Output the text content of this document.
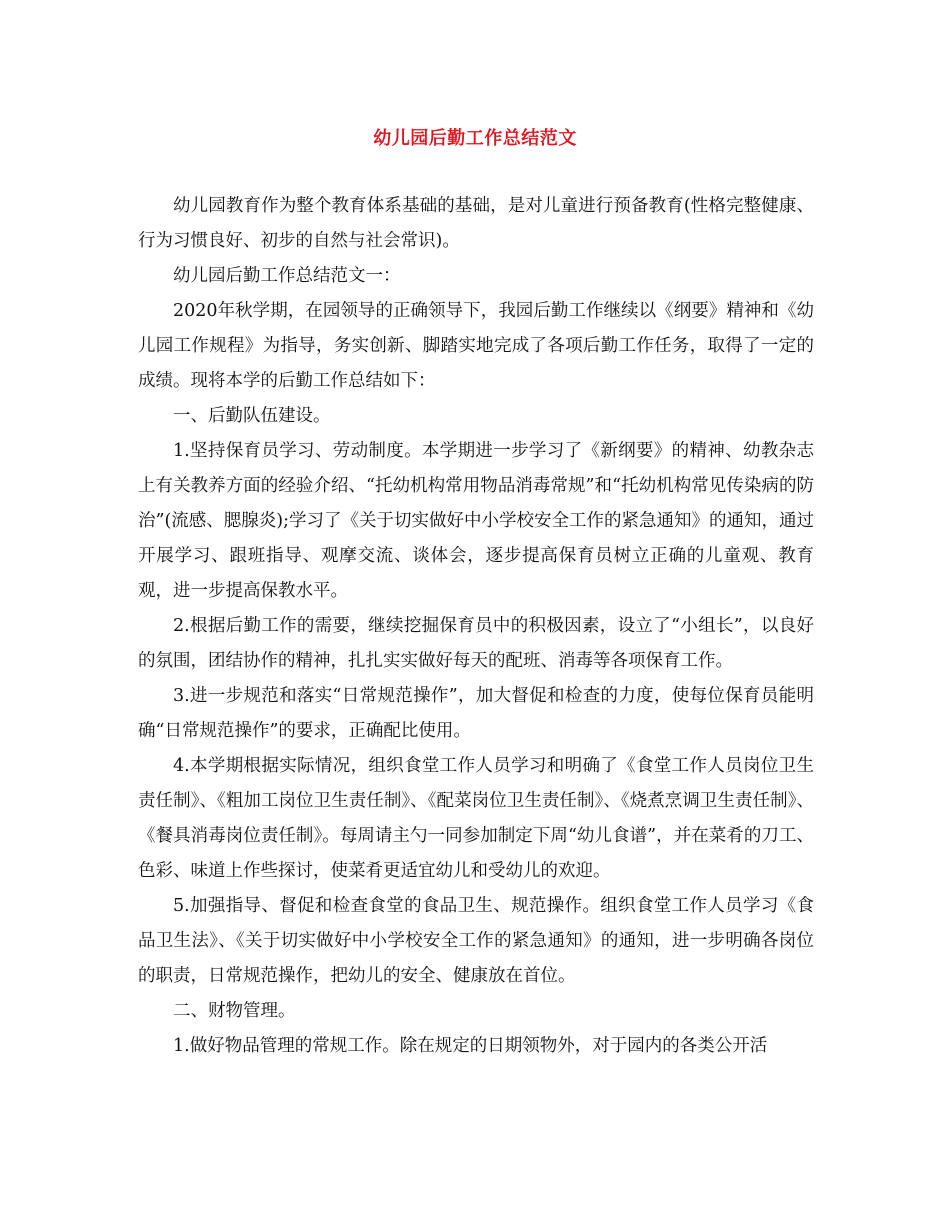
幼儿园后勤工作总结范文

幼儿园教育作为整个教育体系基础的基础，是对儿童进行预备教育(性格完整健康、行为习惯良好、初步的自然与社会常识)。

幼儿园后勤工作总结范文一：

2020年秋学期，在园领导的正确领导下，我园后勤工作继续以《纲要》精神和《幼儿园工作规程》为指导，务实创新、脚踏实地完成了各项后勤工作任务，取得了一定的成绩。现将本学的后勤工作总结如下：

一、后勤队伍建设。

1.坚持保育员学习、劳动制度。本学期进一步学习了《新纲要》的精神、幼教杂志上有关教养方面的经验介绍、“托幼机构常用物品消毒常规”和“托幼机构常见传染病的防治”(流感、腮腺炎);学习了《关于切实做好中小学校安全工作的紧急通知》的通知，通过开展学习、跟班指导、观摩交流、谈体会，逐步提高保育员树立正确的儿童观、教育观，进一步提高保教水平。

2.根据后勤工作的需要，继续挖掘保育员中的积极因素，设立了“小组长”，以良好的氛围，团结协作的精神，扎扎实实做好每天的配班、消毒等各项保育工作。

3.进一步规范和落实“日常规范操作”，加大督促和检查的力度，使每位保育员能明确“日常规范操作”的要求，正确配比使用。

4.本学期根据实际情况，组织食堂工作人员学习和明确了《食堂工作人员岗位卫生责任制》、《粗加工岗位卫生责任制》、《配菜岗位卫生责任制》、《烧煮烹调卫生责任制》、《餐具消毒岗位责任制》。每周请主勺一同参加制定下周“幼儿食谱”，并在菜肴的刀工、色彩、味道上作些探讨，使菜肴更适宜幼儿和受幼儿的欢迎。

5.加强指导、督促和检查食堂的食品卫生、规范操作。组织食堂工作人员学习《食品卫生法》、《关于切实做好中小学校安全工作的紧急通知》的通知，进一步明确各岗位的职责，日常规范操作，把幼儿的安全、健康放在首位。

二、财物管理。

1.做好物品管理的常规工作。除在规定的日期领物外，对于园内的各类公开活
